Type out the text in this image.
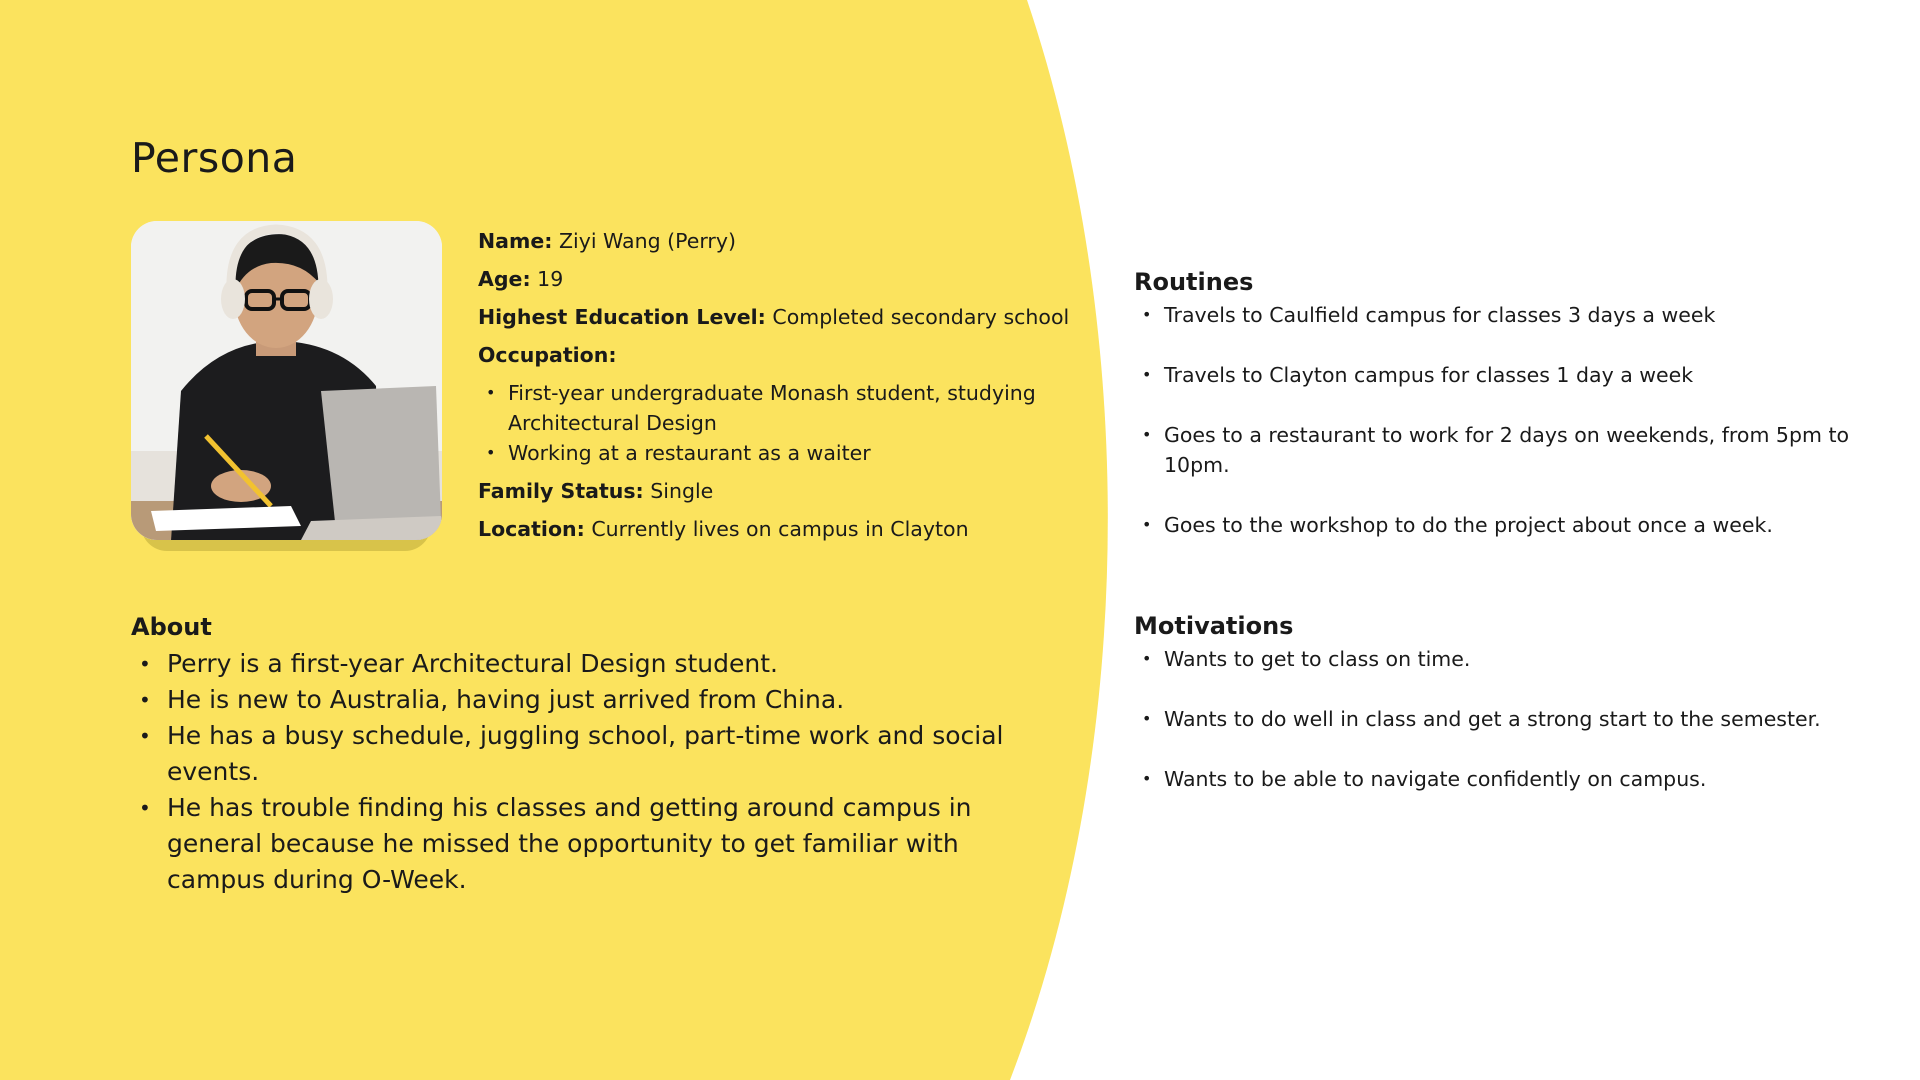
Persona
Name: Ziyi Wang (Perry)
Age: 19
Highest Education Level: Completed secondary school
Occupation:
• First-year undergraduate Monash student, studying Architectural Design
• Working at a restaurant as a waiter
Family Status: Single
Location: Currently lives on campus in Clayton
About
• Perry is a first-year Architectural Design student.
• He is new to Australia, having just arrived from China.
• He has a busy schedule, juggling school, part-time work and social events.
• He has trouble finding his classes and getting around campus in general because he missed the opportunity to get familiar with campus during O-Week.
Routines
• Travels to Caulfield campus for classes 3 days a week
• Travels to Clayton campus for classes 1 day a week
• Goes to a restaurant to work for 2 days on weekends, from 5pm to 10pm.
• Goes to the workshop to do the project about once a week.
Motivations
• Wants to get to class on time.
• Wants to do well in class and get a strong start to the semester.
• Wants to be able to navigate confidently on campus.
